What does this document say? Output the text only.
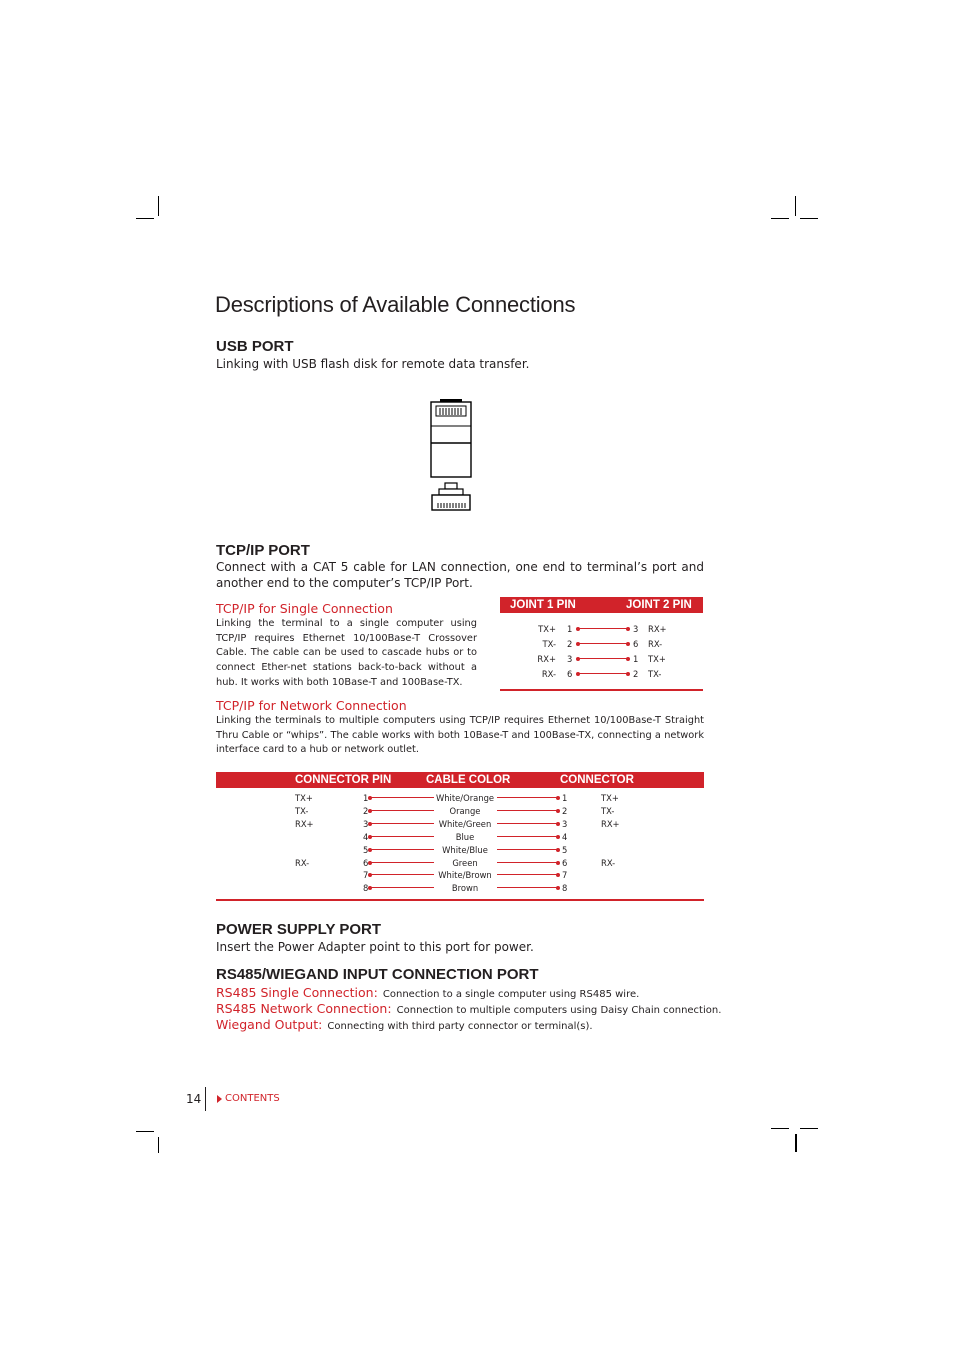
Descriptions of Available Connections
USB PORT
Linking with USB flash disk for remote data transfer.
TCP/IP PORT
Connect with a CAT 5 cable for LAN connection, one end to terminal’s port and another end to the computer’s TCP/IP Port.
TCP/IP for Single Connection
Linking the terminal to a single computer using TCP/IP requires Ethernet 10/100Base-T Crossover Cable. The cable can be used to cascade hubs or to connect Ether-net stations back-to-back without a hub. It works with both 10Base-T and 100Base-TX.
JOINT 1 PIN	JOINT 2 PIN
TX+ 1	3 RX+
TX- 2	6 RX-
RX+ 3	1 TX+
RX- 6	2 TX-
TCP/IP for Network Connection
Linking the terminals to multiple computers using TCP/IP requires Ethernet 10/100Base-T Straight Thru Cable or “whips”. The cable works with both 10Base-T and 100Base-TX, connecting a network interface card to a hub or network outlet.
CONNECTOR PIN	CABLE COLOR	CONNECTOR
TX+	1	White/Orange	1	TX+
TX-	2	Orange	2	TX-
RX+	3	White/Green	3	RX+
4	Blue	4
5	White/Blue	5
RX-	6	Green	6	RX-
7	White/Brown	7
8	Brown	8
POWER SUPPLY PORT
Insert the Power Adapter point to this port for power.
RS485/WIEGAND INPUT CONNECTION PORT
RS485 Single Connection: Connection to a single computer using RS485 wire.
RS485 Network Connection: Connection to multiple computers using Daisy Chain connection.
Wiegand Output: Connecting with third party connector or terminal(s).
14 CONTENTS
